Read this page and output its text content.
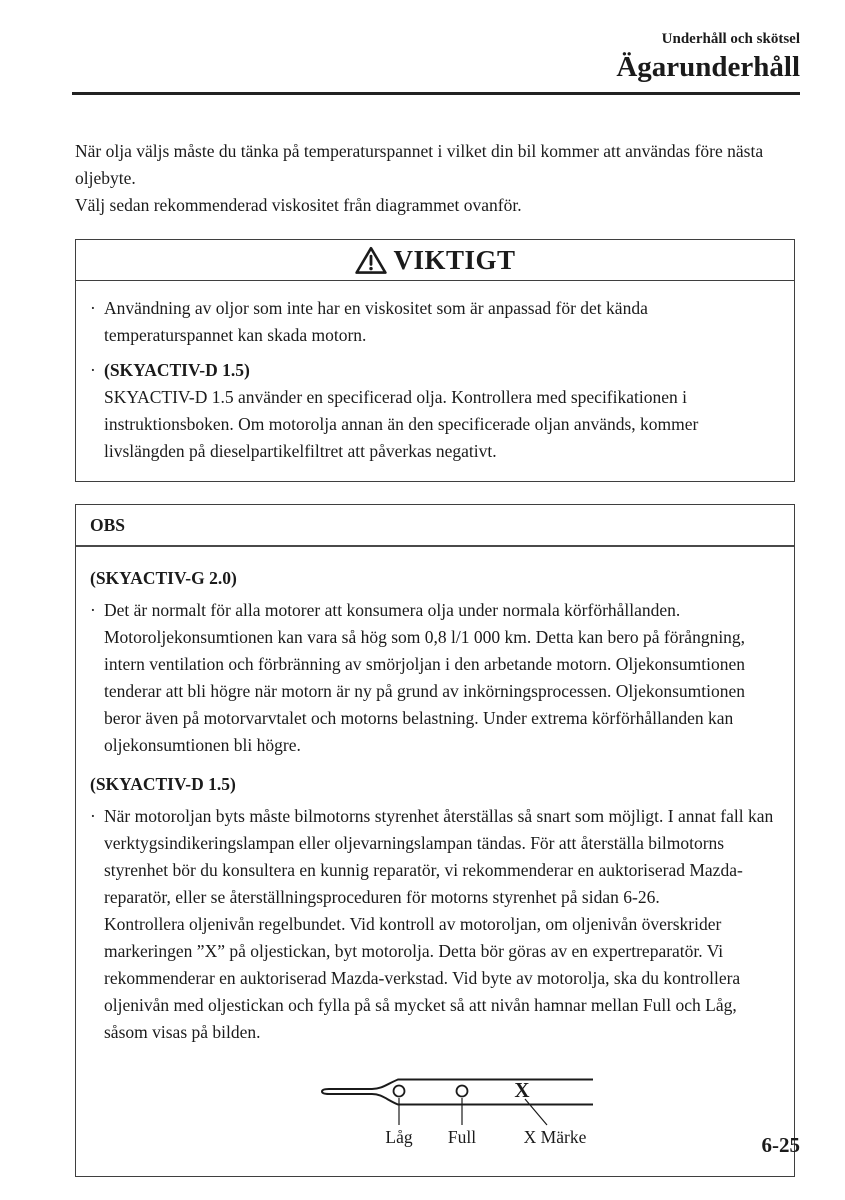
Underhåll och skötsel
Ägarunderhåll

När olja väljs måste du tänka på temperaturspannet i vilket din bil kommer att användas före nästa oljebyte.

Välj sedan rekommenderad viskositet från diagrammet ovanför.

VIKTIGT
· Användning av oljor som inte har en viskositet som är anpassad för det kända temperaturspannet kan skada motorn.

· (SKYACTIV-D 1.5)

SKYACTIV-D 1.5 använder en specificerad olja. Kontrollera med specifikationen i instruktionsboken. Om motorolja annan än den specificerade oljan används, kommer livslängden på dieselpartikelfiltret att påverkas negativt.

OBS

(SKYACTIV-G 2.0)

· Det är normalt för alla motorer att konsumera olja under normala körförhållanden. Motoroljekonsumtionen kan vara så hög som 0,8 l/1 000 km. Detta kan bero på förångning, intern ventilation och förbränning av smörjoljan i den arbetande motorn. Oljekonsumtionen tenderar att bli högre när motorn är ny på grund av inkörningsprocessen. Oljekonsumtionen beror även på motorvarvtalet och motorns belastning. Under extrema körförhållanden kan oljekonsumtionen bli högre.

(SKYACTIV-D 1.5)

· När motoroljan byts måste bilmotorns styrenhet återställas så snart som möjligt. I annat fall kan verktygsindikeringslampan eller oljevarningslampan tändas. För att återställa bilmotorns styrenhet bör du konsultera en kunnig reparatör, vi rekommenderar en auktoriserad Mazda-reparatör, eller se återställningsproceduren för motorns styrenhet på sidan 6-26.

Kontrollera oljenivån regelbundet. Vid kontroll av motoroljan, om oljenivån överskrider markeringen ”X” på oljestickan, byt motorolja. Detta bör göras av en expertreparatör. Vi rekommenderar en auktoriserad Mazda-verkstad. Vid byte av motorolja, ska du kontrollera oljenivån med oljestickan och fylla på så mycket så att nivån hamnar mellan Full och Låg, såsom visas på bilden.

X
Låg Full	X Märke	6-25
